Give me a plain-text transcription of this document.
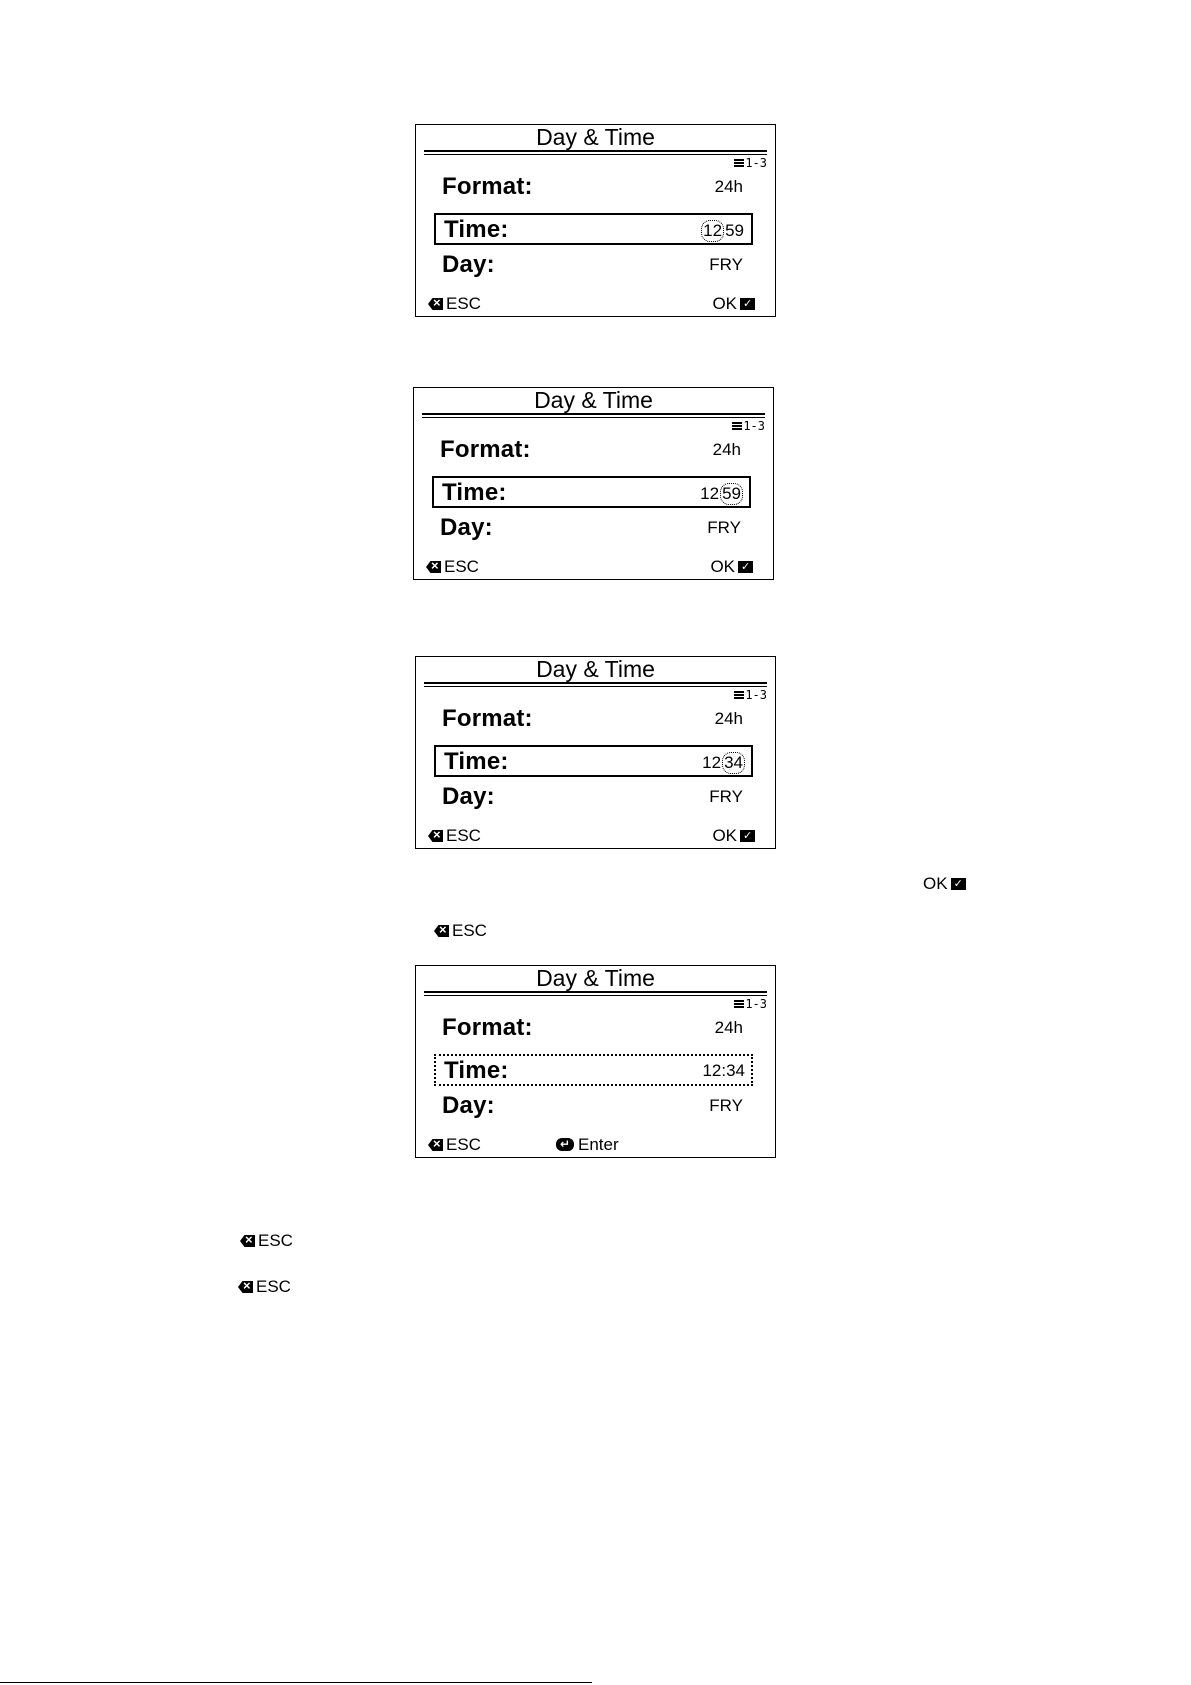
Day & Time
1-3
Format:	24h
Time:	12 59
Day:	FRY
×ESC	OK✓
Day & Time
1-3
Format:	24h
Time:	12 59
Day:	FRY
×ESC	OK✓
Day & Time
1-3
Format:	24h
Time:	12 34
Day:	FRY
×ESC	OK✓
OK✓
×ESC
Day & Time
1-3
Format:	24h
Time:	12:34
Day:	FRY
×ESC
↵	Enter
×ESC
×ESC
